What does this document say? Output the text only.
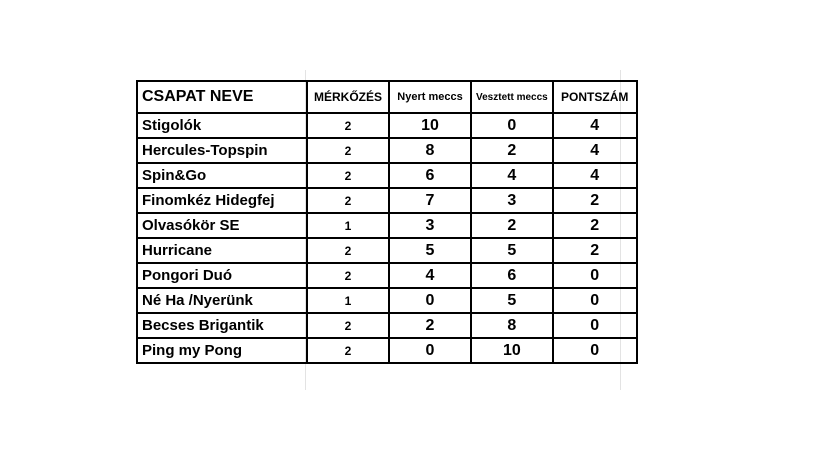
CSAPAT NEVE	MÉRKŐZÉS	Nyert meccs	Vesztett meccs	PONTSZÁM
Stigolók	2	10	0	4
Hercules-Topspin	2	8	2	4
Spin&Go	2	6	4	4
Finomkéz Hidegfej	2	7	3	2
Olvasókör SE	1	3	2	2
Hurricane	2	5	5	2
Pongori Duó	2	4	6	0
Né Ha /Nyerünk	1	0	5	0
Becses Brigantik	2	2	8	0
Ping my Pong	2	0	10	0
